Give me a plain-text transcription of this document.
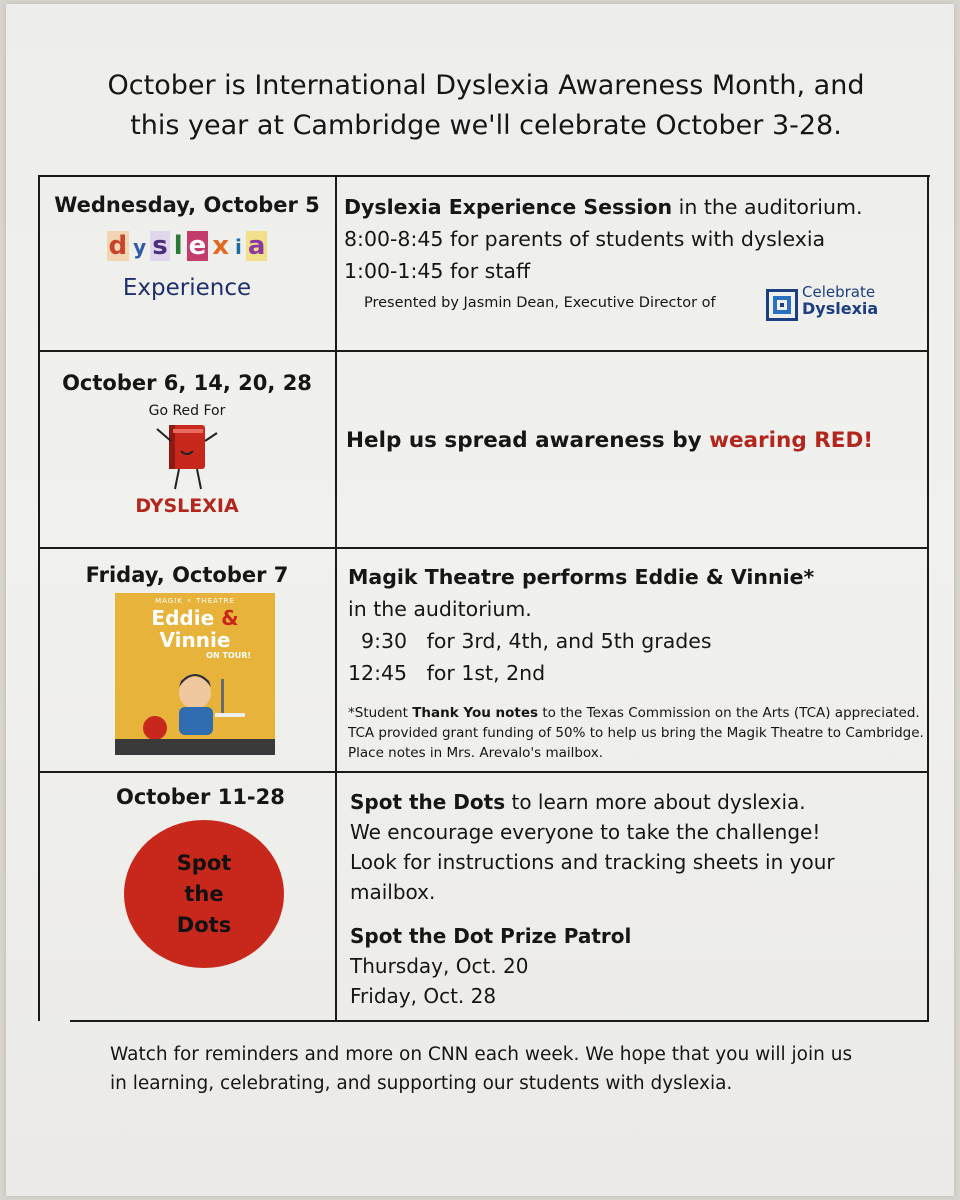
October is International Dyslexia Awareness Month, and
this year at Cambridge we'll celebrate October 3-28.
Wednesday, October 5
d y s l e x i a
Experience
Dyslexia Experience Session in the auditorium.
8:00-8:45 for parents of students with dyslexia
1:00-1:45 for staff
Presented by Jasmin Dean, Executive Director of
Celebrate
Dyslexia
October 6, 14, 20, 28
Go Red For
DYSLEXIA
Help us spread awareness by wearing RED!
Friday, October 7
MAGIK ⚬ THEATRE
Eddie & Vinnie
ON TOUR!
Magik Theatre performs Eddie & Vinnie*
in the auditorium.
9:30   for 3rd, 4th, and 5th grades
12:45   for 1st, 2nd
*Student Thank You notes to the Texas Commission on the Arts (TCA) appreciated. TCA provided grant funding of 50% to help us bring the Magik Theatre to Cambridge. Place notes in Mrs. Arevalo's mailbox.
October 11-28
Spot
the
Dots
Spot the Dots to learn more about dyslexia.
We encourage everyone to take the challenge!
Look for instructions and tracking sheets in your
mailbox.
Spot the Dot Prize Patrol
Thursday, Oct. 20
Friday, Oct. 28
Watch for reminders and more on CNN each week. We hope that you will join us in learning, celebrating, and supporting our students with dyslexia.
